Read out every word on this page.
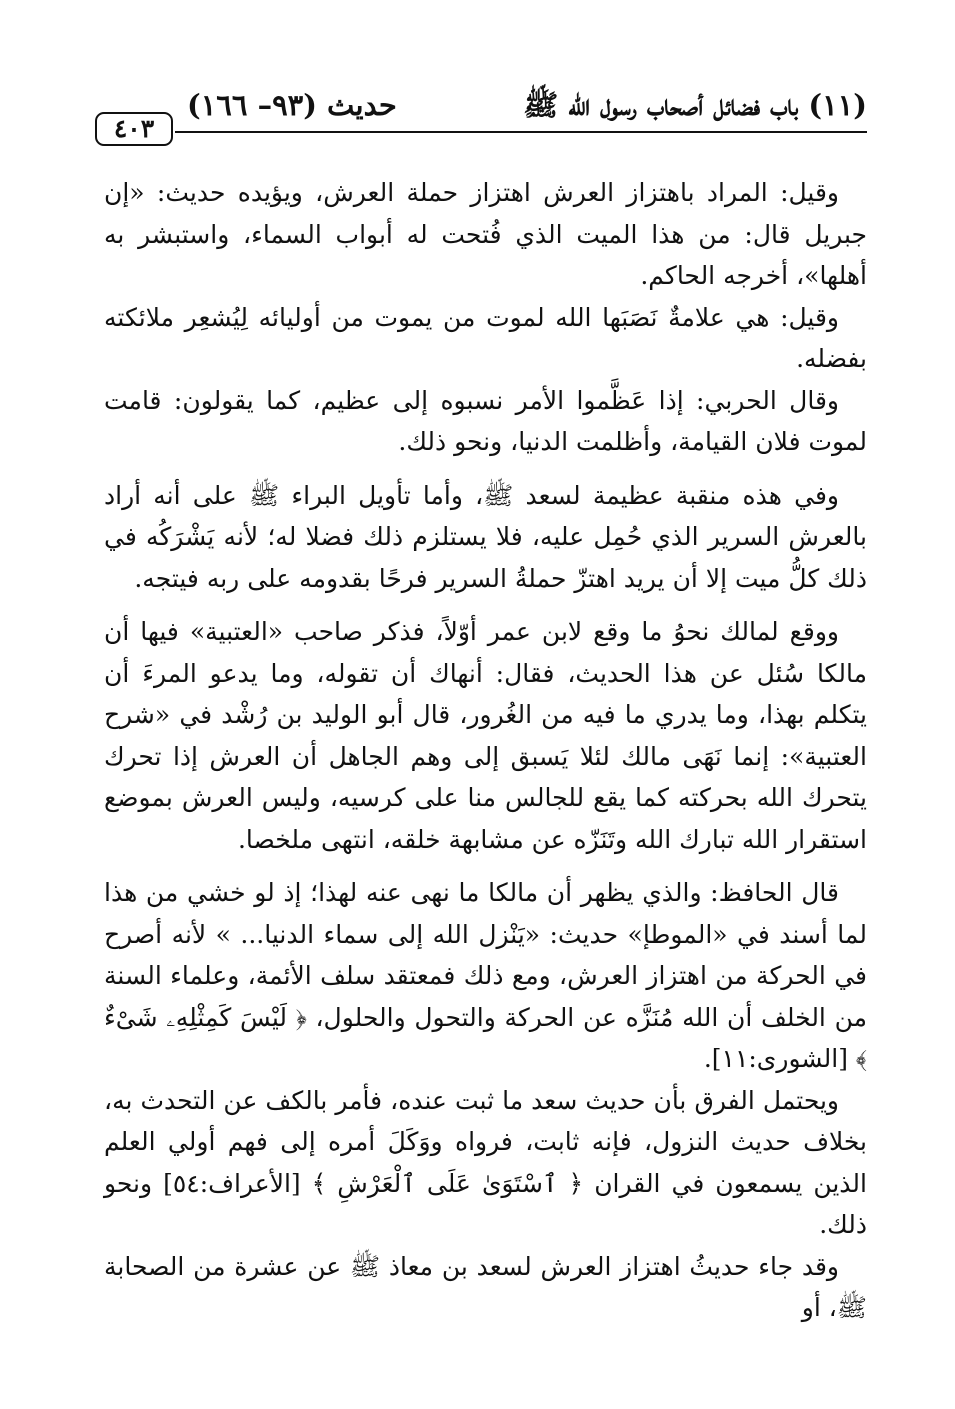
(١١) باب فضائل أصحاب رسول الله ﷺ
حديث (٩٣– ١٦٦)
٤٠٣

وقيل: المراد باهتزاز العرش اهتزاز حملة العرش، ويؤيده حديث: «إن جبريل قال: من هذا الميت الذي فُتحت له أبواب السماء، واستبشر به أهلها»، أخرجه الحاكم.

وقيل: هي علامةٌ نَصَبَها الله لموت من يموت من أوليائه لِيُشعِر ملائكته بفضله.

وقال الحربي: إذا عَظَّموا الأمر نسبوه إلى عظيم، كما يقولون: قامت لموت فلان القيامة، وأظلمت الدنيا، ونحو ذلك.

وفي هذه منقبة عظيمة لسعد ﷺ، وأما تأويل البراء ﷺ على أنه أراد بالعرش السرير الذي حُمِل عليه، فلا يستلزم ذلك فضلا له؛ لأنه يَشْرَكُه في ذلك كلُّ ميت إلا أن يريد اهتزّ حملةُ السرير فرحًا بقدومه على ربه فيتجه.

ووقع لمالك نحوُ ما وقع لابن عمر أوّلاً، فذكر صاحب «العتبية» فيها أن مالكا سُئل عن هذا الحديث، فقال: أنهاك أن تقوله، وما يدعو المرءَ أن يتكلم بهذا، وما يدري ما فيه من الغُرور، قال أبو الوليد بن رُشْد في «شرح العتبية»: إنما نَهَى مالك لئلا يَسبق إلى وهم الجاهل أن العرش إذا تحرك يتحرك الله بحركته كما يقع للجالس منا على كرسيه، وليس العرش بموضع استقرار الله تبارك الله وتَنَزّه عن مشابهة خلقه، انتهى ملخصا.

قال الحافظ: والذي يظهر أن مالكا ما نهى عنه لهذا؛ إذ لو خشي من هذا لما أسند في «الموطإ» حديث: «يَنْزل الله إلى سماء الدنيا... » لأنه أصرح في الحركة من اهتزاز العرش، ومع ذلك فمعتقد سلف الأئمة، وعلماء السنة من الخلف أن الله مُنَزَّه عن الحركة والتحول والحلول، ﴿ لَيْسَ كَمِثْلِهِۦ شَىْءٌ ﴾ [الشورى:١١].

ويحتمل الفرق بأن حديث سعد ما ثبت عنده، فأمر بالكف عن التحدث به، بخلاف حديث النزول، فإنه ثابت، فرواه ووَكَلَ أمره إلى فهم أولي العلم الذين يسمعون في القران ﴿ ٱسْتَوَىٰ عَلَى ٱلْعَرْشِ ﴾ [الأعراف:٥٤] ونحو ذلك.

وقد جاء حديثُ اهتزاز العرش لسعد بن معاذ ﷺ عن عشرة من الصحابة ﷺ، أو
